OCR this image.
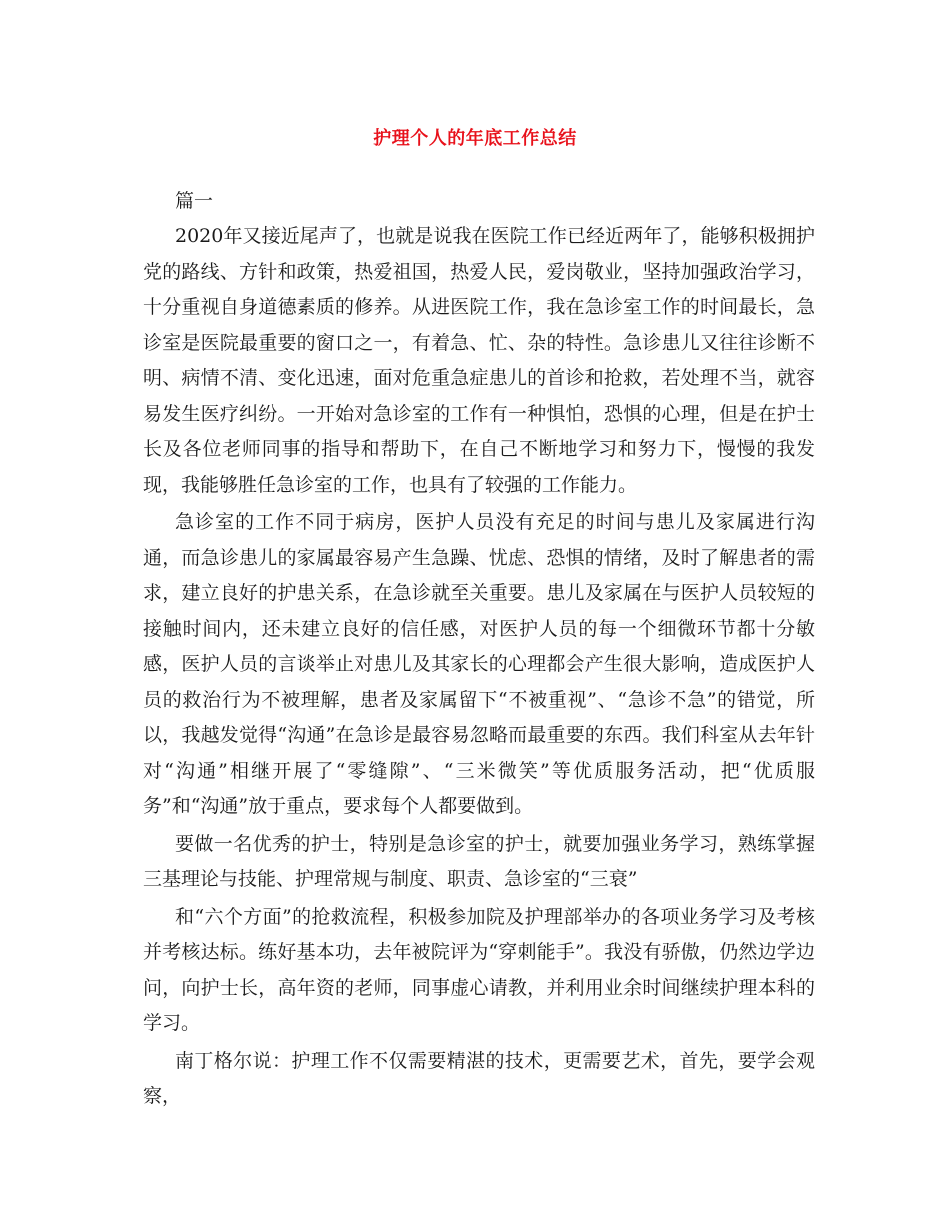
护理个人的年底工作总结

篇一

2020年又接近尾声了，也就是说我在医院工作已经近两年了，能够积极拥护党的路线、方针和政策，热爱祖国，热爱人民，爱岗敬业，坚持加强政治学习，十分重视自身道德素质的修养。从进医院工作，我在急诊室工作的时间最长，急诊室是医院最重要的窗口之一，有着急、忙、杂的特性。急诊患儿又往往诊断不明、病情不清、变化迅速，面对危重急症患儿的首诊和抢救，若处理不当，就容易发生医疗纠纷。一开始对急诊室的工作有一种惧怕，恐惧的心理，但是在护士长及各位老师同事的指导和帮助下，在自己不断地学习和努力下，慢慢的我发现，我能够胜任急诊室的工作，也具有了较强的工作能力。

急诊室的工作不同于病房，医护人员没有充足的时间与患儿及家属进行沟通，而急诊患儿的家属最容易产生急躁、忧虑、恐惧的情绪，及时了解患者的需求，建立良好的护患关系，在急诊就至关重要。患儿及家属在与医护人员较短的接触时间内，还未建立良好的信任感，对医护人员的每一个细微环节都十分敏感，医护人员的言谈举止对患儿及其家长的心理都会产生很大影响，造成医护人员的救治行为不被理解，患者及家属留下“不被重视”、“急诊不急”的错觉，所以，我越发觉得“沟通”在急诊是最容易忽略而最重要的东西。我们科室从去年针对“沟通”相继开展了“零缝隙”、“三米微笑”等优质服务活动，把“优质服务”和“沟通”放于重点，要求每个人都要做到。

要做一名优秀的护士，特别是急诊室的护士，就要加强业务学习，熟练掌握三基理论与技能、护理常规与制度、职责、急诊室的“三衰”

和“六个方面”的抢救流程，积极参加院及护理部举办的各项业务学习及考核并考核达标。练好基本功，去年被院评为“穿刺能手”。我没有骄傲，仍然边学边问，向护士长，高年资的老师，同事虚心请教，并利用业余时间继续护理本科的学习。

南丁格尔说：护理工作不仅需要精湛的技术，更需要艺术，首先，要学会观察，
